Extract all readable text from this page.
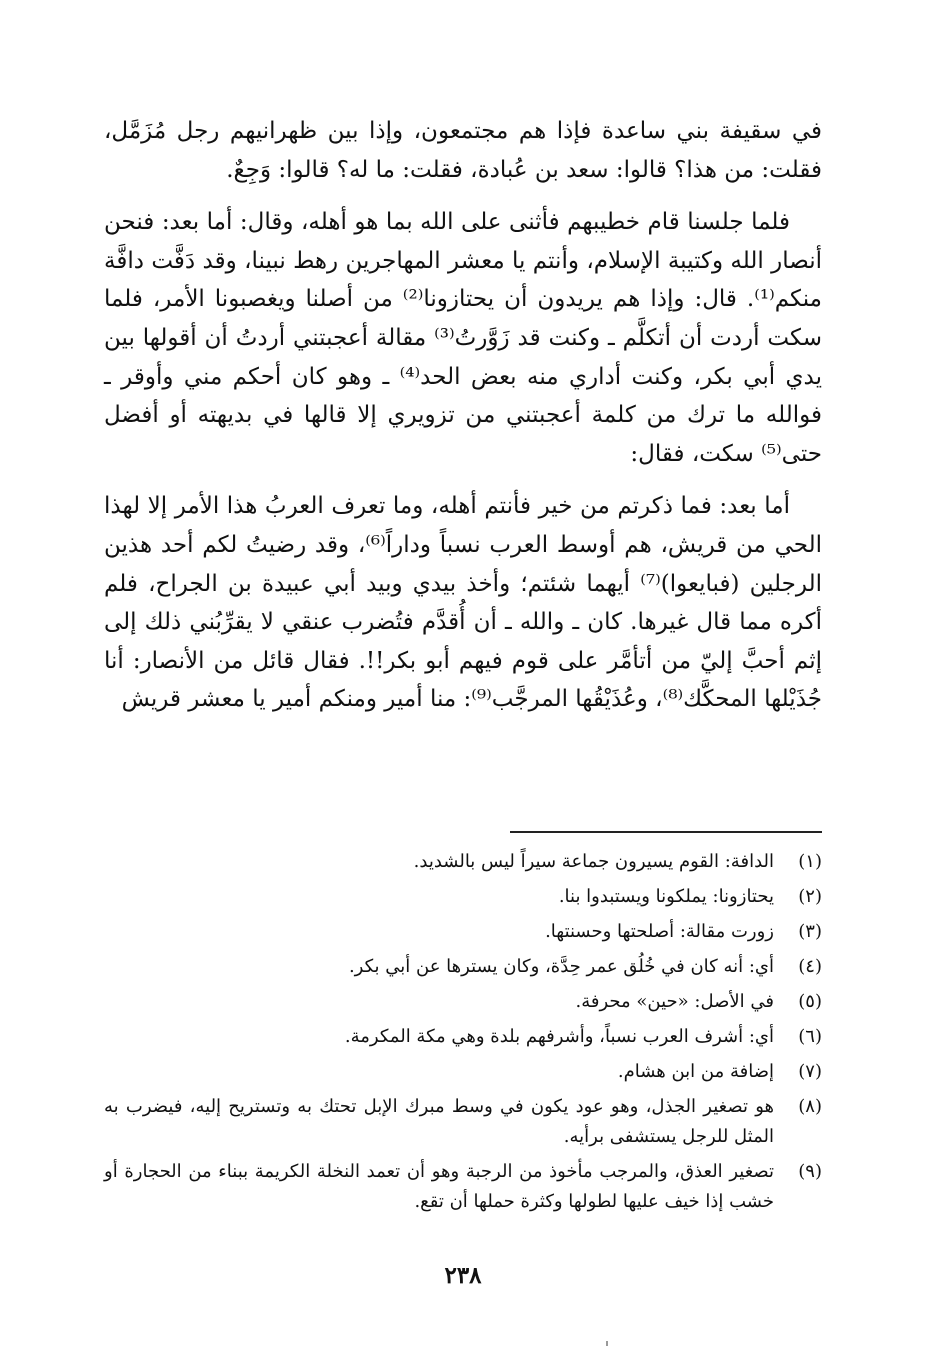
في سقيفة بني ساعدة فإذا هم مجتمعون، وإذا بين ظهرانيهم رجل مُزَمَّل، فقلت: من هذا؟ قالوا: سعد بن عُبادة، فقلت: ما له؟ قالوا: وَجِعٌ.

فلما جلسنا قام خطيبهم فأثنى على الله بما هو أهله، وقال: أما بعد: فنحن أنصار الله وكتيبة الإسلام، وأنتم يا معشر المهاجرين رهط نبينا، وقد دَفَّت دافَّة منكم⁽¹⁾. قال: وإذا هم يريدون أن يحتازونا⁽²⁾ من أصلنا ويغصبونا الأمر، فلما سكت أردت أن أتكلَّم ـ وكنت قد زَوَّرتُ⁽³⁾ مقالة أعجبتني أردتُ أن أقولها بين يدي أبي بكر، وكنت أداري منه بعض الحد⁽⁴⁾ ـ وهو كان أحكم مني وأوقر ـ فوالله ما ترك من كلمة أعجبتني من تزويري إلا قالها في بديهته أو أفضل حتى⁽⁵⁾ سكت، فقال:

أما بعد: فما ذكرتم من خير فأنتم أهله، وما تعرف العربُ هذا الأمر إلا لهذا الحي من قريش، هم أوسط العرب نسباً وداراً⁽⁶⁾، وقد رضيتُ لكم أحد هذين الرجلين (فبايعوا)⁽⁷⁾ أيهما شئتم؛ وأخذ بيدي وبيد أبي عبيدة بن الجراح، فلم أكره مما قال غيرها. كان ـ والله ـ أن أُقدَّم فتُضرب عنقي لا يقرِّبُني ذلك إلى إثم أحبَّ إليّ من أتأمَّر على قوم فيهم أبو بكر!!. فقال قائل من الأنصار: أنا جُذَيْلها المحكَّك⁽⁸⁾، وعُذَيْقُها المرجَّب⁽⁹⁾: منا أمير ومنكم أمير يا معشر قريش

(١)
الدافة: القوم يسيرون جماعة سيراً ليس بالشديد.
(٢)
يحتازونا: يملكونا ويستبدوا بنا.
(٣)
زورت مقالة: أصلحتها وحسنتها.
(٤)
أي: أنه كان في خُلُق عمر حِدَّة، وكان يسترها عن أبي بكر.
(٥)
في الأصل: «حين» محرفة.
(٦)
أي: أشرف العرب نسباً، وأشرفهم بلدة وهي مكة المكرمة.
(٧)
إضافة من ابن هشام.
(٨)
هو تصغير الجذل، وهو عود يكون في وسط مبرك الإبل تحتك به وتستريح إليه، فيضرب به المثل للرجل يستشفى برأيه.
(٩)
تصغير العذق، والمرجب مأخوذ من الرجبة وهو أن تعمد النخلة الكريمة ببناء من الحجارة أو خشب إذا خيف عليها لطولها وكثرة حملها أن تقع.
٢٣٨
